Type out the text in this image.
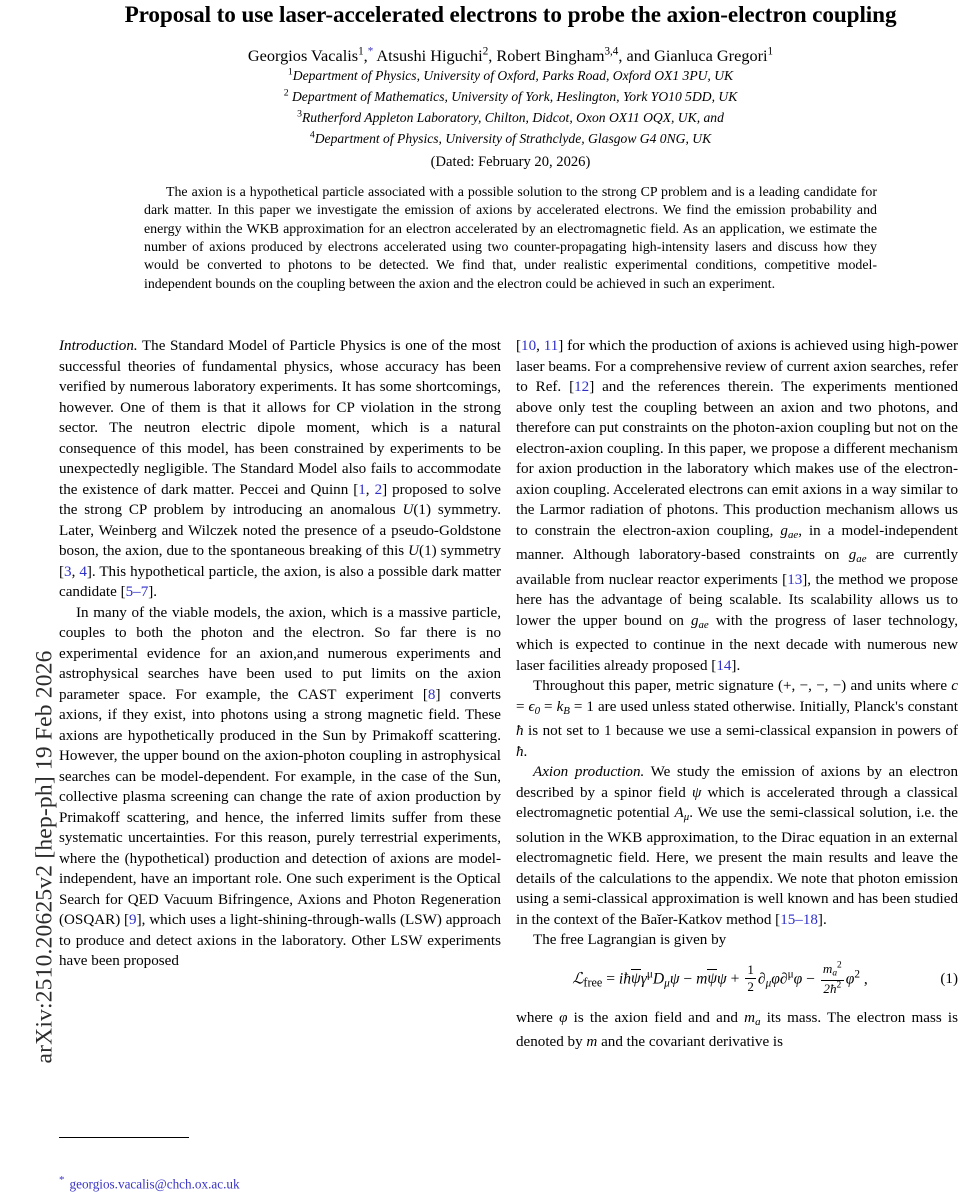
arXiv:2510.20625v2 [hep-ph] 19 Feb 2026
Proposal to use laser-accelerated electrons to probe the axion-electron coupling
Georgios Vacalis$^1$,* Atsushi Higuchi$^2$, Robert Bingham$^{3,4}$, and Gianluca Gregori$^1$
$^1$Department of Physics, University of Oxford, Parks Road, Oxford OX1 3PU, UK
$^2$ Department of Mathematics, University of York, Heslington, York YO10 5DD, UK
$^3$Rutherford Appleton Laboratory, Chilton, Didcot, Oxon OX11 OQX, UK, and
$^4$Department of Physics, University of Strathclyde, Glasgow G4 0NG, UK
(Dated: February 20, 2026)
The axion is a hypothetical particle associated with a possible solution to the strong CP problem and is a leading candidate for dark matter. In this paper we investigate the emission of axions by accelerated electrons. We find the emission probability and energy within the WKB approximation for an electron accelerated by an electromagnetic field. As an application, we estimate the number of axions produced by electrons accelerated using two counter-propagating high-intensity lasers and discuss how they would be converted to photons to be detected. We find that, under realistic experimental conditions, competitive model-independent bounds on the coupling between the axion and the electron could be achieved in such an experiment.

Introduction. The Standard Model of Particle Physics is one of the most successful theories of fundamental physics, whose accuracy has been verified by numerous laboratory experiments. It has some shortcomings, however. One of them is that it allows for CP violation in the strong sector. The neutron electric dipole moment, which is a natural consequence of this model, has been constrained by experiments to be unexpectedly negligible. The Standard Model also fails to accommodate the existence of dark matter. Peccei and Quinn [1, 2] proposed to solve the strong CP problem by introducing an anomalous U(1) symmetry. Later, Weinberg and Wilczek noted the presence of a pseudo-Goldstone boson, the axion, due to the spontaneous breaking of this U(1) symmetry [3, 4]. This hypothetical particle, the axion, is also a possible dark matter candidate [5–7].

In many of the viable models, the axion, which is a massive particle, couples to both the photon and the electron. So far there is no experimental evidence for an axion,and numerous experiments and astrophysical searches have been used to put limits on the axion parameter space. For example, the CAST experiment [8] converts axions, if they exist, into photons using a strong magnetic field. These axions are hypothetically produced in the Sun by Primakoff scattering. However, the upper bound on the axion-photon coupling in astrophysical searches can be model-dependent. For example, in the case of the Sun, collective plasma screening can change the rate of axion production by Primakoff scattering, and hence, the inferred limits suffer from these systematic uncertainties. For this reason, purely terrestrial experiments, where the (hypothetical) production and detection of axions are model-independent, have an important role. One such experiment is the Optical Search for QED Vacuum Bifringence, Axions and Photon Regeneration (OSQAR) [9], which uses a light-shining-through-walls (LSW) approach to produce and detect axions in the laboratory. Other LSW experiments have been proposed

* georgios.vacalis@chch.ox.ac.uk

[10, 11] for which the production of axions is achieved using high-power laser beams. For a comprehensive review of current axion searches, refer to Ref. [12] and the references therein. The experiments mentioned above only test the coupling between an axion and two photons, and therefore can put constraints on the photon-axion coupling but not on the electron-axion coupling. In this paper, we propose a different mechanism for axion production in the laboratory which makes use of the electron-axion coupling. Accelerated electrons can emit axions in a way similar to the Larmor radiation of photons. This production mechanism allows us to constrain the electron-axion coupling, $g_{ae}$, in a model-independent manner. Although laboratory-based constraints on $g_{ae}$ are currently available from nuclear reactor experiments [13], the method we propose here has the advantage of being scalable. Its scalability allows us to lower the upper bound on $g_{ae}$ with the progress of laser technology, which is expected to continue in the next decade with numerous new laser facilities already proposed [14].

Throughout this paper, metric signature (+, −, −, −) and units where $c = \epsilon_0 = k_B = 1$ are used unless stated otherwise. Initially, Planck's constant ħ is not set to 1 because we use a semi-classical expansion in powers of ħ.

Axion production. We study the emission of axions by an electron described by a spinor field ψ which is accelerated through a classical electromagnetic potential $A_\mu$. We use the semi-classical solution, i.e. the solution in the WKB approximation, to the Dirac equation in an external electromagnetic field. Here, we present the main results and leave the details of the calculations to the appendix. We note that photon emission using a semi-classical approximation is well known and has been studied in the context of the Baĭer-Katkov method [15–18].

The free Lagrangian is given by

ℒfree = $iħ\psi\gamma^\mu D_\mu\psi - m\psi\psi + \frac{1}{2} \partial_\mu\varphi\partial^\mu\varphi - \frac{m_a^2}{2ħ^2} \varphi^2$ ,	(1)

where φ is the axion field and and $m_a$ its mass. The electron mass is denoted by m and the covariant derivative is
